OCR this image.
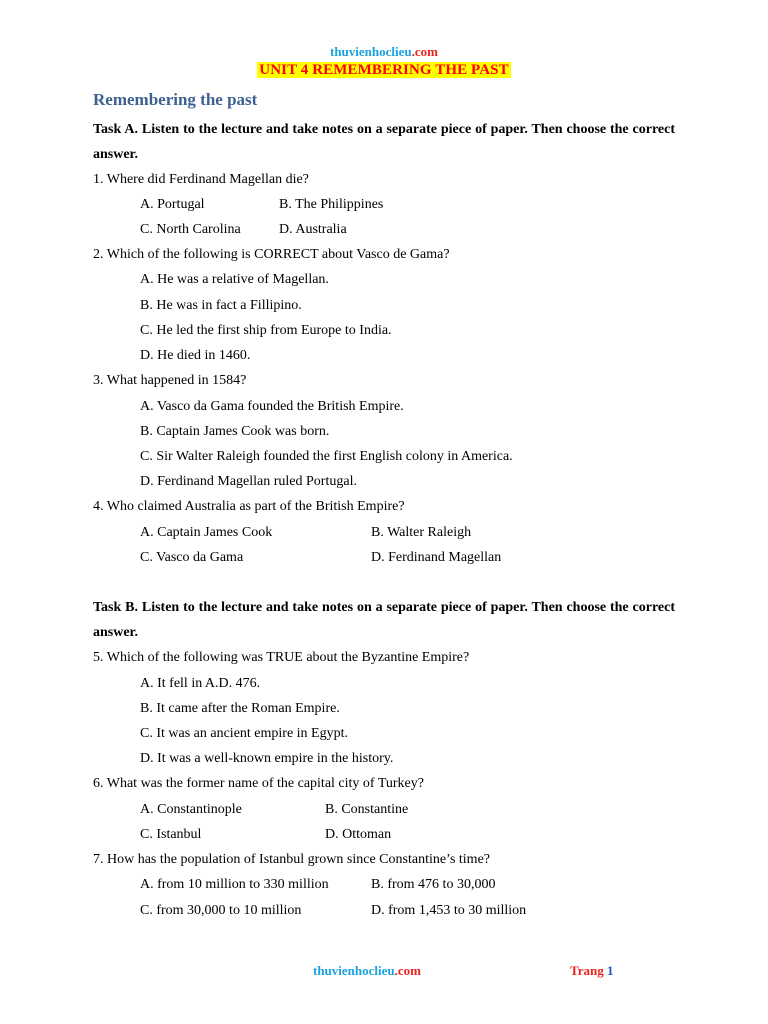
thuvienhoclieu.com
UNIT 4 REMEMBERING THE PAST
Remembering the past
Task A. Listen to the lecture and take notes on a separate piece of paper. Then choose the correct answer.
1. Where did Ferdinand Magellan die?
A. Portugal	B. The Philippines
C. North Carolina	D. Australia
2. Which of the following is CORRECT about Vasco de Gama?
A. He was a relative of Magellan.
B. He was in fact a Fillipino.
C. He led the first ship from Europe to India.
D. He died in 1460.
3. What happened in 1584?
A. Vasco da Gama founded the British Empire.
B. Captain James Cook was born.
C. Sir Walter Raleigh founded the first English colony in America.
D. Ferdinand Magellan ruled Portugal.
4. Who claimed Australia as part of the British Empire?
A. Captain James Cook	B. Walter Raleigh
C. Vasco da Gama	D. Ferdinand Magellan
Task B. Listen to the lecture and take notes on a separate piece of paper. Then choose the correct answer.
5. Which of the following was TRUE about the Byzantine Empire?
A. It fell in A.D. 476.
B. It came after the Roman Empire.
C. It was an ancient empire in Egypt.
D. It was a well-known empire in the history.
6. What was the former name of the capital city of Turkey?
A. Constantinople	B. Constantine
C. Istanbul	D. Ottoman
7. How has the population of Istanbul grown since Constantine’s time?
A. from 10 million to 330 million	B. from 476 to 30,000
C. from 30,000 to 10 million	D. from 1,453 to 30 million
thuvienhoclieu.com	Trang 1
